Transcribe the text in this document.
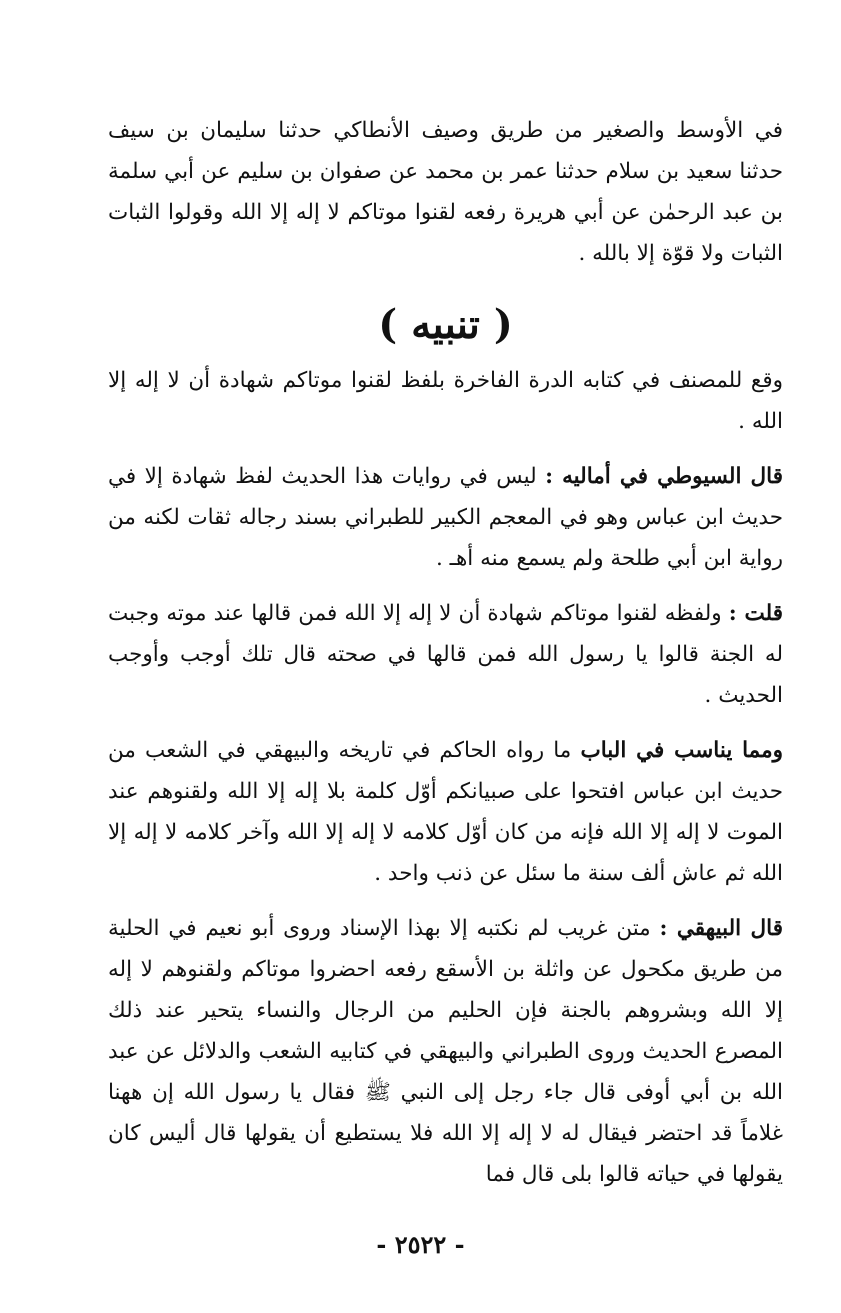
في الأوسط والصغير من طريق وصيف الأنطاكي حدثنا سليمان بن سيف حدثنا سعيد بن سلام حدثنا عمر بن محمد عن صفوان بن سليم عن أبي سلمة بن عبد الرحمٰن عن أبي هريرة رفعه لقنوا موتاكم لا إله إلا الله وقولوا الثبات الثبات ولا قوّة إلا بالله .

( تنبيه )

وقع للمصنف في كتابه الدرة الفاخرة بلفظ لقنوا موتاكم شهادة أن لا إله إلا الله .

قال السيوطي في أماليه : ليس في روايات هذا الحديث لفظ شهادة إلا في حديث ابن عباس وهو في المعجم الكبير للطبراني بسند رجاله ثقات لكنه من رواية ابن أبي طلحة ولم يسمع منه أهـ .

قلت : ولفظه لقنوا موتاكم شهادة أن لا إله إلا الله فمن قالها عند موته وجبت له الجنة قالوا يا رسول الله فمن قالها في صحته قال تلك أوجب وأوجب الحديث .

ومما يناسب في الباب ما رواه الحاكم في تاريخه والبيهقي في الشعب من حديث ابن عباس افتحوا على صبيانكم أوّل كلمة بلا إله إلا الله ولقنوهم عند الموت لا إله إلا الله فإنه من كان أوّل كلامه لا إله إلا الله وآخر كلامه لا إله إلا الله ثم عاش ألف سنة ما سئل عن ذنب واحد .

قال البيهقي : متن غريب لم نكتبه إلا بهذا الإسناد وروى أبو نعيم في الحلية من طريق مكحول عن واثلة بن الأسقع رفعه احضروا موتاكم ولقنوهم لا إله إلا الله وبشروهم بالجنة فإن الحليم من الرجال والنساء يتحير عند ذلك المصرع الحديث وروى الطبراني والبيهقي في كتابيه الشعب والدلائل عن عبد الله بن أبي أوفى قال جاء رجل إلى النبي ﷺ فقال يا رسول الله إن ههنا غلاماً قد احتضر فيقال له لا إله إلا الله فلا يستطيع أن يقولها قال أليس كان يقولها في حياته قالوا بلى قال فما

- ٢٥٢٢ -
